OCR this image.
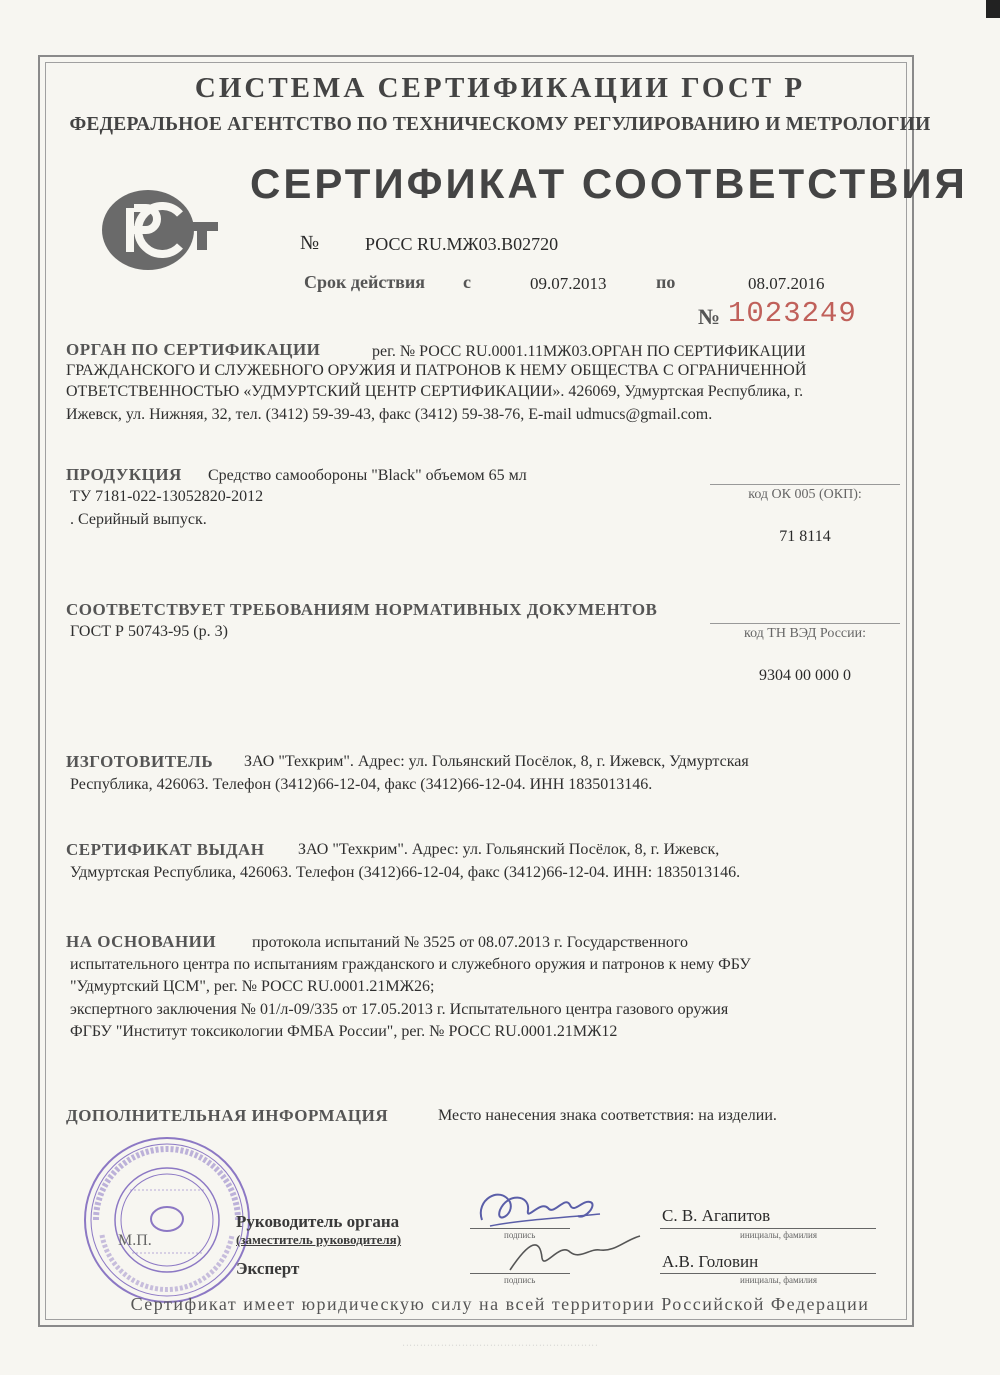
СИСТЕМА СЕРТИФИКАЦИИ ГОСТ Р
ФЕДЕРАЛЬНОЕ АГЕНТСТВО ПО ТЕХНИЧЕСКОМУ РЕГУЛИРОВАНИЮ И МЕТРОЛОГИИ
СЕРТИФИКАТ СООТВЕТСТВИЯ
№	РОСС RU.МЖ03.В02720
Срок действия с	09.07.2013	по	08.07.2016
№ 1023249
ОРГАН ПО СЕРТИФИКАЦИИ	рег. № РОСС RU.0001.11МЖ03.ОРГАН ПО СЕРТИФИКАЦИИ
ГРАЖДАНСКОГО И СЛУЖЕБНОГО ОРУЖИЯ И ПАТРОНОВ К НЕМУ ОБЩЕСТВА С ОГРАНИЧЕННОЙ
ОТВЕТСТВЕННОСТЬЮ «УДМУРТСКИЙ ЦЕНТР СЕРТИФИКАЦИИ». 426069, Удмуртская Республика, г.
Ижевск, ул. Нижняя, 32, тел. (3412) 59-39-43, факс (3412) 59-38-76, E-mail udmucs@gmail.com.
ПРОДУКЦИЯ Средство самообороны "Black" объемом 65 мл
ТУ 7181-022-13052820-2012
. Серийный выпуск.
код ОК 005 (ОКП):
71 8114
СООТВЕТСТВУЕТ ТРЕБОВАНИЯМ НОРМАТИВНЫХ ДОКУМЕНТОВ
ГОСТ Р 50743-95 (р. 3)	код ТН ВЭД России:
9304 00 000 0
ИЗГОТОВИТЕЛЬ ЗАО "Техкрим". Адрес: ул. Гольянский Посёлок, 8, г. Ижевск, Удмуртская
Республика, 426063. Телефон (3412)66-12-04, факс (3412)66-12-04. ИНН 1835013146.
СЕРТИФИКАТ ВЫДАН ЗАО "Техкрим". Адрес: ул. Гольянский Посёлок, 8, г. Ижевск,
Удмуртская Республика, 426063. Телефон (3412)66-12-04, факс (3412)66-12-04. ИНН: 1835013146.
НА ОСНОВАНИИ протокола испытаний № 3525 от 08.07.2013 г. Государственного
испытательного центра по испытаниям гражданского и служебного оружия и патронов к нему ФБУ
"Удмуртский ЦСМ", рег. № РОСС RU.0001.21МЖ26;
экспертного заключения № 01/л-09/335 от 17.05.2013 г. Испытательного центра газового оружия
ФГБУ "Институт токсикологии ФМБА России", рег. № РОСС RU.0001.21МЖ12
ДОПОЛНИТЕЛЬНАЯ ИНФОРМАЦИЯ	Место нанесения знака соответствия: на изделии.
М.П.
Руководитель органа
(заместитель руководителя)
Эксперт
подпись	инициалы, фамилия
С. В. Агапитов
подпись	инициалы, фамилия
А.В. Головин
Сертификат имеет юридическую силу на всей территории Российской Федерации
· · · · · · · · · · · · · · · · · · · · · · · · · · · · · · · · · · · · · · · · · · · · · · · · · · · · · · · ·
